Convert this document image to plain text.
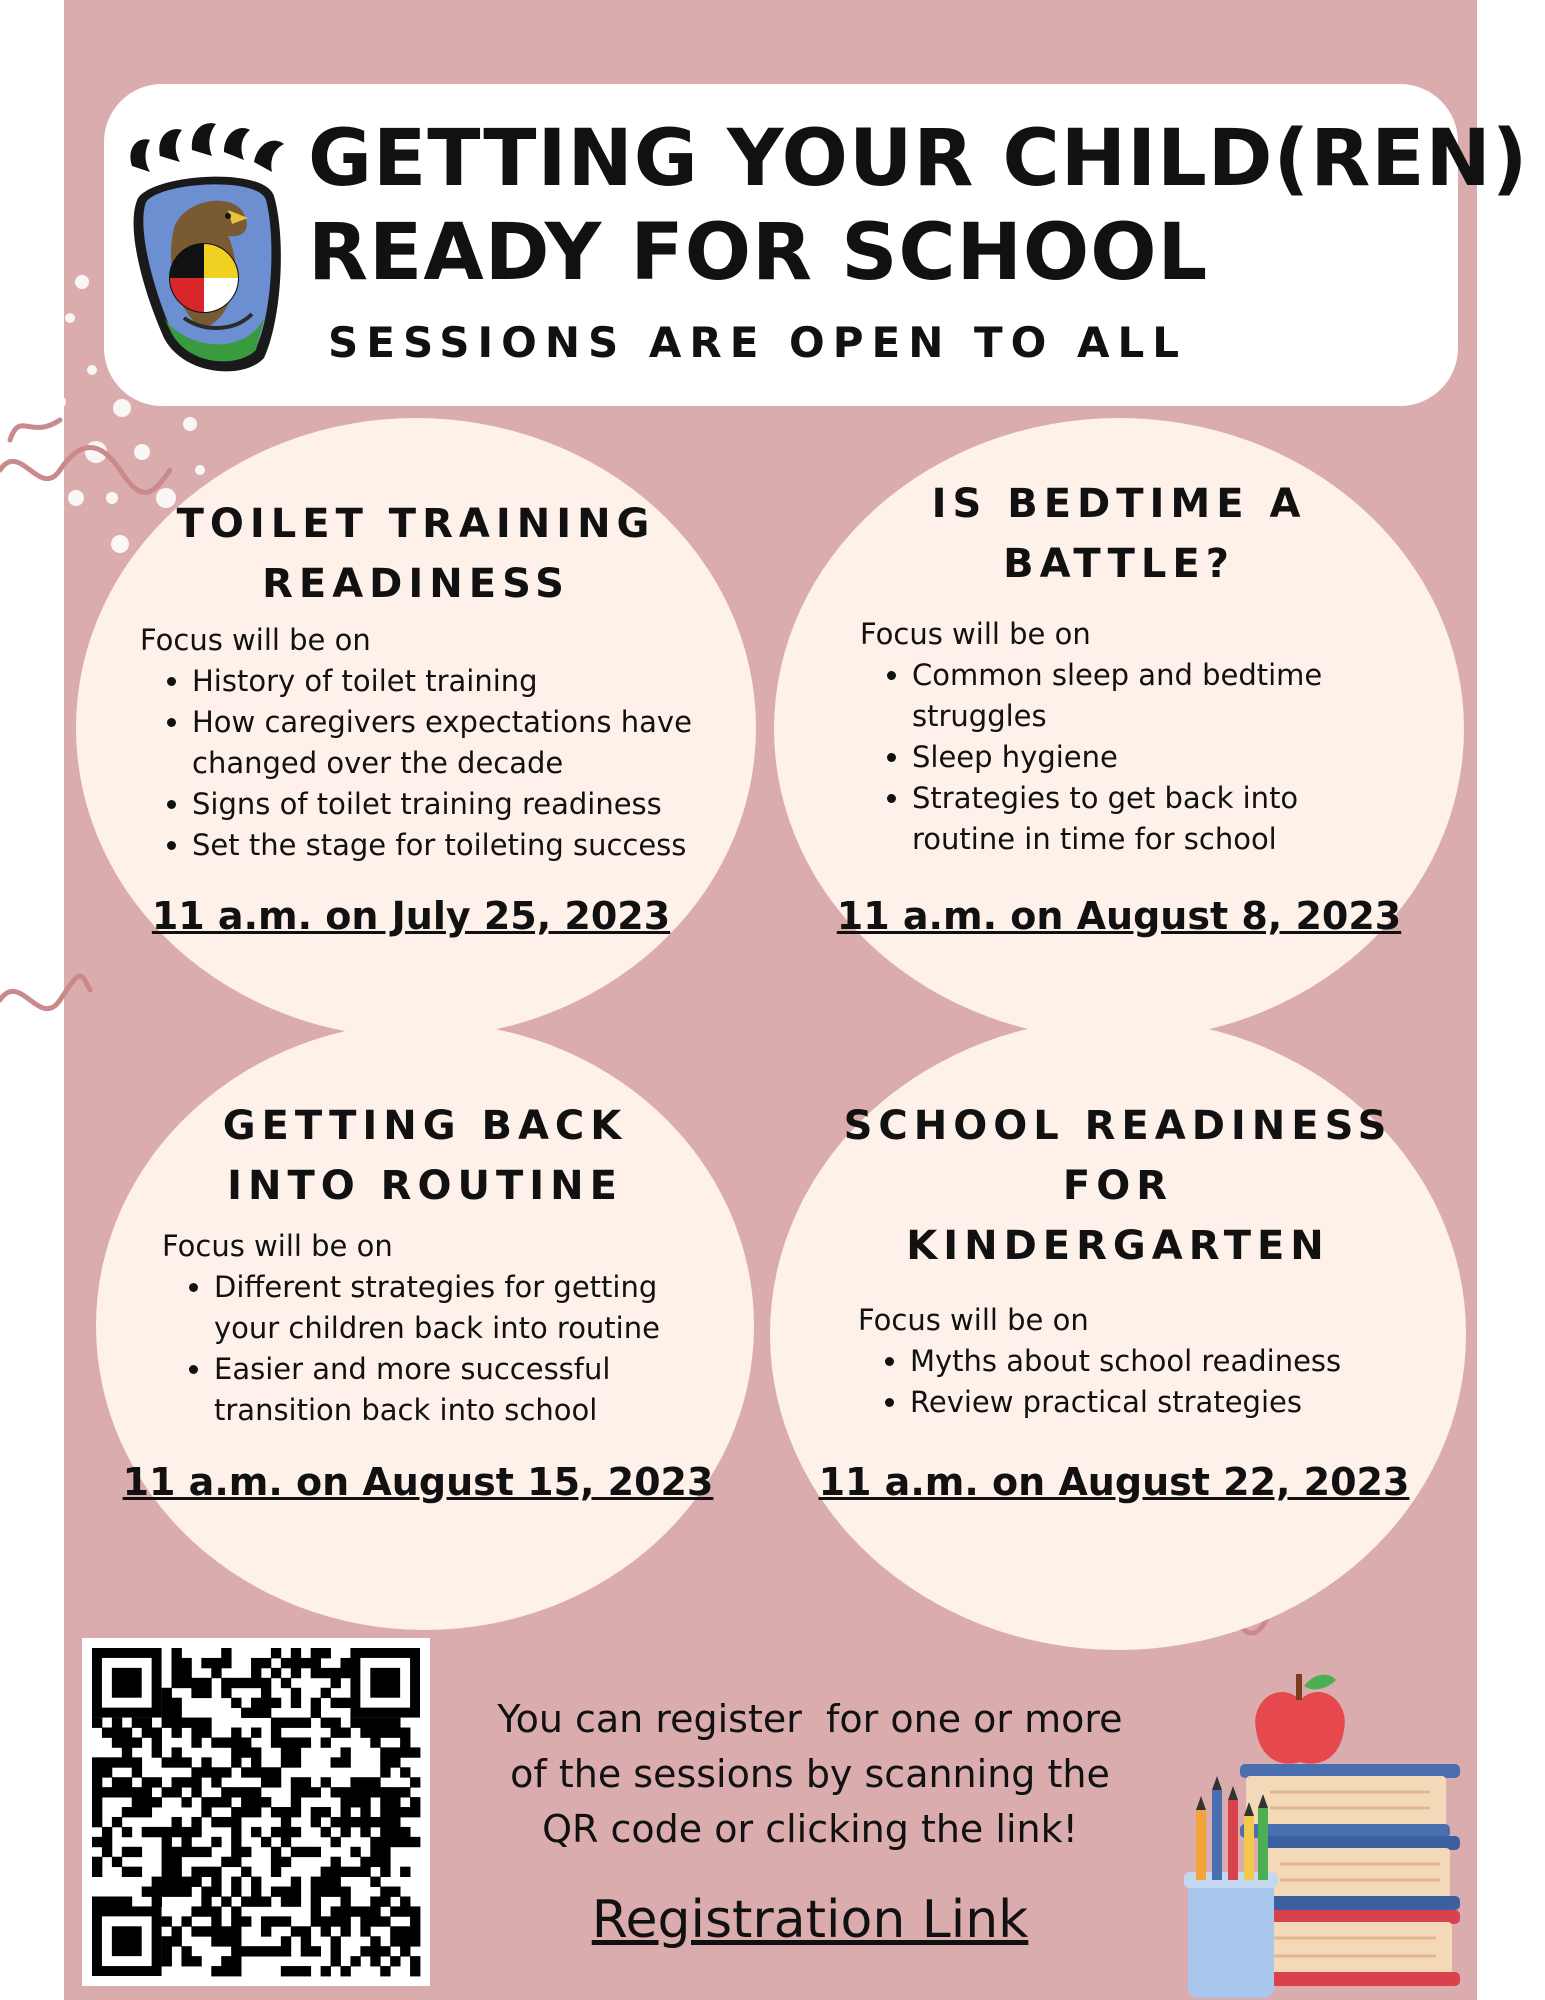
GETTING YOUR CHILD(REN)
READY FOR SCHOOL
SESSIONS ARE OPEN TO ALL
TOILET TRAINING
READINESS
Focus will be on
• History of toilet training
• How caregivers expectations have changed over the decade
• Signs of toilet training readiness
• Set the stage for toileting success
11 a.m. on July 25, 2023
IS BEDTIME A
BATTLE?
Focus will be on
• Common sleep and bedtime struggles
• Sleep hygiene
• Strategies to get back into routine in time for school
11 a.m. on August 8, 2023
GETTING BACK
INTO ROUTINE
Focus will be on
• Different strategies for getting your children back into routine
• Easier and more successful transition back into school
11 a.m. on August 15, 2023
SCHOOL READINESS
FOR
KINDERGARTEN
Focus will be on
• Myths about school readiness
• Review practical strategies
11 a.m. on August 22, 2023
You can register  for one or more
of the sessions by scanning the
QR code or clicking the link!
Registration Link
